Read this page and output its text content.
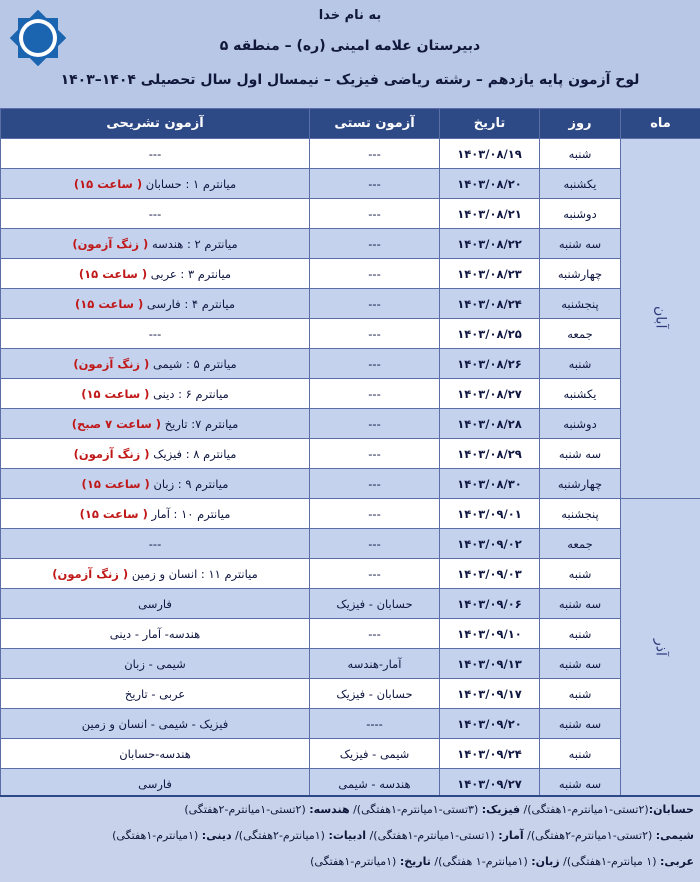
به نام خدا
دبیرستان علامه امینی (ره) – منطقه ۵
لوح آزمون پایه یازدهم – رشته ریاضی فیزیک – نیمسال اول سال تحصیلی ۱۴۰۴–۱۴۰۳
ماه	روز	تاریخ	آزمون تستی	آزمون تشریحی
آبان	شنبه	۱۴۰۳/۰۸/۱۹	---	---
	یکشنبه	۱۴۰۳/۰۸/۲۰	---	میانترم ۱ : حسابان ( ساعت ۱۵)
	دوشنبه	۱۴۰۳/۰۸/۲۱	---	---
	سه شنبه	۱۴۰۳/۰۸/۲۲	---	میانترم ۲ : هندسه ( زنگ آزمون)
	چهارشنبه	۱۴۰۳/۰۸/۲۳	---	میانترم ۳ : عربی ( ساعت ۱۵)
	پنجشنبه	۱۴۰۳/۰۸/۲۴	---	میانترم ۴ : فارسی ( ساعت ۱۵)
	جمعه	۱۴۰۳/۰۸/۲۵	---	---
	شنبه	۱۴۰۳/۰۸/۲۶	---	میانترم ۵ : شیمی ( زنگ آزمون)
	یکشنبه	۱۴۰۳/۰۸/۲۷	---	میانترم ۶ : دینی ( ساعت ۱۵)
	دوشنبه	۱۴۰۳/۰۸/۲۸	---	میانترم ۷: تاریخ ( ساعت ۷ صبح)
	سه شنبه	۱۴۰۳/۰۸/۲۹	---	میانترم ۸ : فیزیک ( زنگ آزمون)
	چهارشنبه	۱۴۰۳/۰۸/۳۰	---	میانترم ۹ : زبان ( ساعت ۱۵)
آذر	پنجشنبه	۱۴۰۳/۰۹/۰۱	---	میانترم ۱۰ : آمار ( ساعت ۱۵)
	جمعه	۱۴۰۳/۰۹/۰۲	---	---
	شنبه	۱۴۰۳/۰۹/۰۳	---	میانترم ۱۱ : انسان و زمین ( زنگ آزمون)
	سه شنبه	۱۴۰۳/۰۹/۰۶	حسابان - فیزیک	فارسی
	شنبه	۱۴۰۳/۰۹/۱۰	---	هندسه- آمار - دینی
	سه شنبه	۱۴۰۳/۰۹/۱۳	آمار-هندسه	شیمی - زبان
	شنبه	۱۴۰۳/۰۹/۱۷	حسابان - فیزیک	عربی - تاریخ
	سه شنبه	۱۴۰۳/۰۹/۲۰	----	فیزیک - شیمی - انسان و زمین
	شنبه	۱۴۰۳/۰۹/۲۴	شیمی - فیزیک	هندسه-حسابان
	سه شنبه	۱۴۰۳/۰۹/۲۷	هندسه - شیمی	فارسی
حسابان:(۲تستی-۱میانترم-۱هفتگی)/ فیزیک: (۳تستی-۱میانترم-۱هفتگی)/ هندسه: (۲تستی-۱میانترم-۲هفتگی)
شیمی: (۲تستی-۱میانترم-۲هفتگی)/ آمار: (۱تستی-۱میانترم-۱هفتگی)/ ادبیات: (۱میانترم-۲هفتگی)/ دینی: (۱میانترم-۱هفتگی)
عربی: (۱ میانترم-۱هفتگی)/ زبان: (۱میانترم-۱ هفتگی)/ تاریخ: (۱میانترم-۱هفتگی)
